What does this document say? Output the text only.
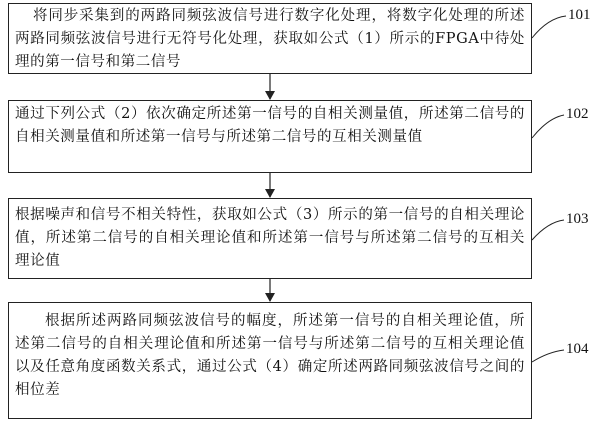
将同步采集到的两路同频弦波信号进行数字化处理，将数字化处理的所述两路同频弦波信号进行无符号化处理，获取如公式（1）所示的FPGA中待处理的第一信号和第二信号
101
通过下列公式（2）依次确定所述第一信号的自相关测量值，所述第二信号的自相关测量值和所述第一信号与所述第二信号的互相关测量值
102
根据噪声和信号不相关特性，获取如公式（3）所示的第一信号的自相关理论值，所述第二信号的自相关理论值和所述第一信号与所述第二信号的互相关理论值
103
根据所述两路同频弦波信号的幅度，所述第一信号的自相关理论值，所述第二信号的自相关理论值和所述第一信号与所述第二信号的互相关理论值以及任意角度函数关系式，通过公式（4）确定所述两路同频弦波信号之间的相位差
104
